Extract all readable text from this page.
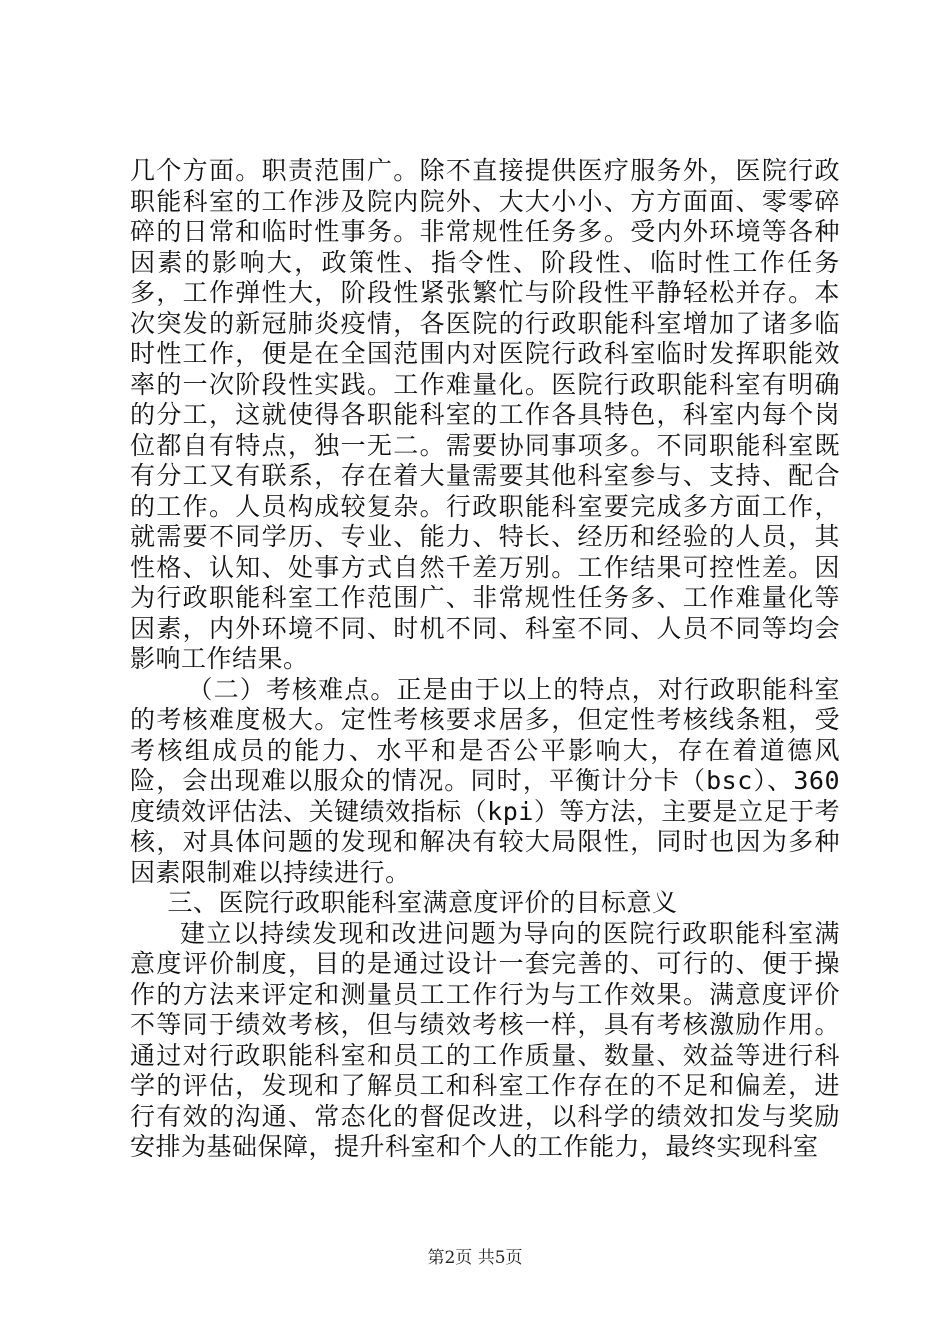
几个方面。职责范围广。除不直接提供医疗服务外，医院行政职能科室的工作涉及院内院外、大大小小、方方面面、零零碎碎的日常和临时性事务。非常规性任务多。受内外环境等各种因素的影响大，政策性、指令性、阶段性、临时性工作任务多，工作弹性大，阶段性紧张繁忙与阶段性平静轻松并存。本次突发的新冠肺炎疫情，各医院的行政职能科室增加了诸多临时性工作，便是在全国范围内对医院行政科室临时发挥职能效率的一次阶段性实践。工作难量化。医院行政职能科室有明确的分工，这就使得各职能科室的工作各具特色，科室内每个岗位都自有特点，独一无二。需要协同事项多。不同职能科室既有分工又有联系，存在着大量需要其他科室参与、支持、配合的工作。人员构成较复杂。行政职能科室要完成多方面工作，就需要不同学历、专业、能力、特长、经历和经验的人员，其性格、认知、处事方式自然千差万别。工作结果可控性差。因为行政职能科室工作范围广、非常规性任务多、工作难量化等因素，内外环境不同、时机不同、科室不同、人员不同等均会影响工作结果。

（二）考核难点。正是由于以上的特点，对行政职能科室的考核难度极大。定性考核要求居多，但定性考核线条粗，受考核组成员的能力、水平和是否公平影响大，存在着道德风险，会出现难以服众的情况。同时，平衡计分卡（bsc）、360度绩效评估法、关键绩效指标（kpi）等方法，主要是立足于考核，对具体问题的发现和解决有较大局限性，同时也因为多种因素限制难以持续进行。

三、医院行政职能科室满意度评价的目标意义

建立以持续发现和改进问题为导向的医院行政职能科室满意度评价制度，目的是通过设计一套完善的、可行的、便于操作的方法来评定和测量员工工作行为与工作效果。满意度评价不等同于绩效考核，但与绩效考核一样，具有考核激励作用。通过对行政职能科室和员工的工作质量、数量、效益等进行科学的评估，发现和了解员工和科室工作存在的不足和偏差，进行有效的沟通、常态化的督促改进，以科学的绩效扣发与奖励安排为基础保障，提升科室和个人的工作能力，最终实现科室

第2页 共5页
